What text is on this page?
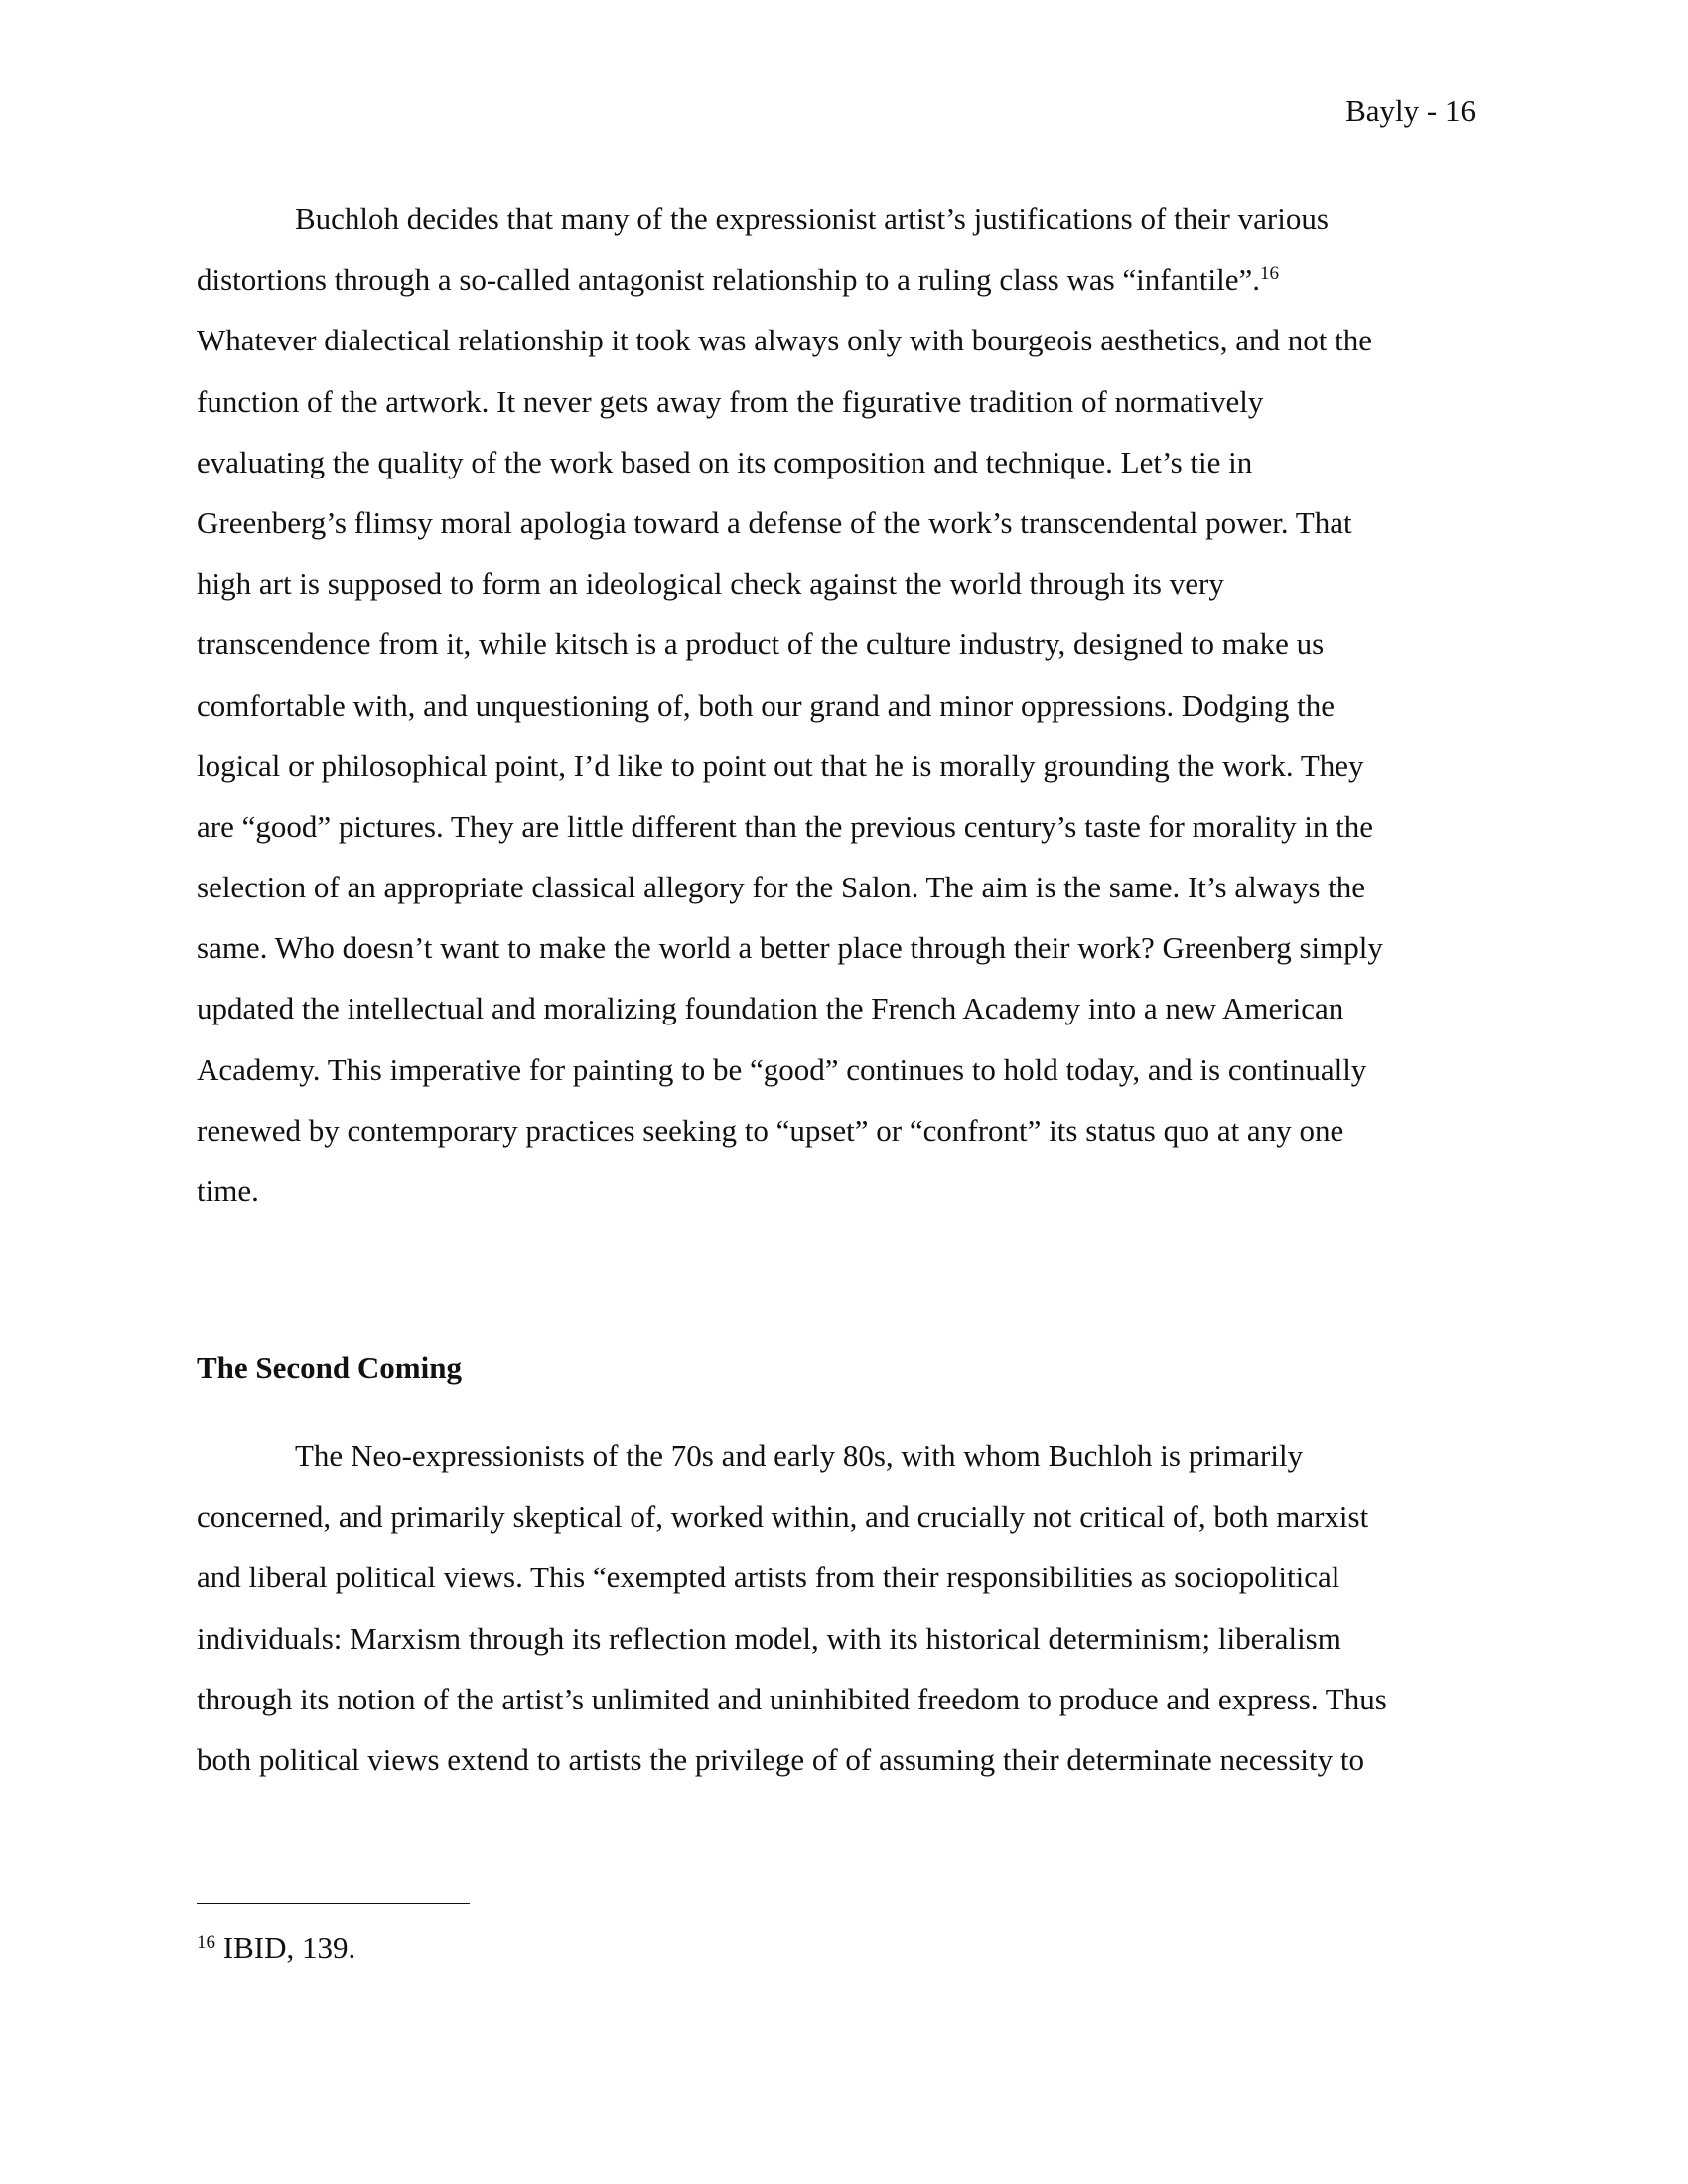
Bayly - 16
Buchloh decides that many of the expressionist artist’s justifications of their various
distortions through a so-called antagonist relationship to a ruling class was “infantile”.$^{16}$
Whatever dialectical relationship it took was always only with bourgeois aesthetics, and not the
function of the artwork. It never gets away from the figurative tradition of normatively
evaluating the quality of the work based on its composition and technique. Let’s tie in
Greenberg’s flimsy moral apologia toward a defense of the work’s transcendental power. That
high art is supposed to form an ideological check against the world through its very
transcendence from it, while kitsch is a product of the culture industry, designed to make us
comfortable with, and unquestioning of, both our grand and minor oppressions. Dodging the
logical or philosophical point, I’d like to point out that he is morally grounding the work. They
are “good” pictures. They are little different than the previous century’s taste for morality in the
selection of an appropriate classical allegory for the Salon. The aim is the same. It’s always the
same. Who doesn’t want to make the world a better place through their work? Greenberg simply
updated the intellectual and moralizing foundation the French Academy into a new American
Academy. This imperative for painting to be “good” continues to hold today, and is continually
renewed by contemporary practices seeking to “upset” or “confront” its status quo at any one
time.
The Second Coming
The Neo-expressionists of the 70s and early 80s, with whom Buchloh is primarily
concerned, and primarily skeptical of, worked within, and crucially not critical of, both marxist
and liberal political views. This “exempted artists from their responsibilities as sociopolitical
individuals: Marxism through its reflection model, with its historical determinism; liberalism
through its notion of the artist’s unlimited and uninhibited freedom to produce and express. Thus
both political views extend to artists the privilege of of assuming their determinate necessity to
$^{16}$ IBID, 139.
